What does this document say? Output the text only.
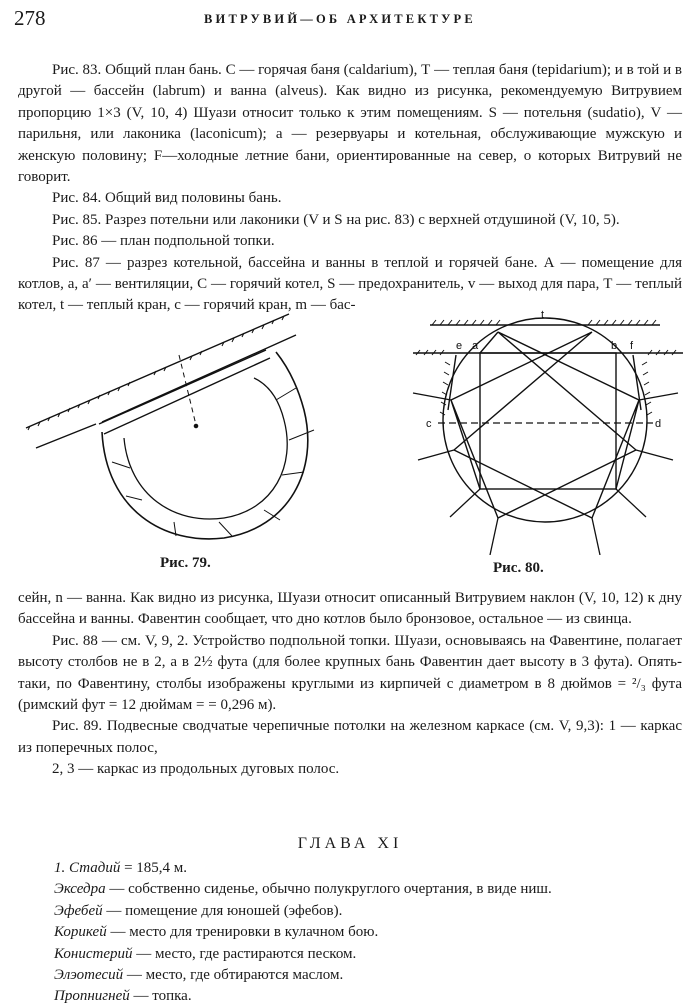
278	ВИТРУВИЙ—ОБ АРХИТЕКТУРЕ

Рис. 83. Общий план бань. С — горячая баня (caldarium), Т — теплая баня (tepidarium); и в той и в другой — бассейн (labrum) и ванна (alveus). Как видно из рисунка, рекомендуемую Витрувием пропорцию 1×3 (V, 10, 4) Шуази относит только к этим помещениям. S — потельня (sudatio), V — парильня, или лаконика (laconicum); а — резервуары и котельная, обслуживающие мужскую и женскую половину; F—холодные летние бани, ориентированные на север, о которых Витрувий не говорит.

Рис. 84. Общий вид половины бань.

Рис. 85. Разрез потельни или лаконики (V и S на рис. 83) с верхней отдушиной (V, 10, 5).

Рис. 86 — план подпольной топки.

Рис. 87 — разрез котельной, бассейна и ванны в теплой и горячей бане. А — помещение для котлов, а, а′ — вентиляции, С — горячий котел, S — предохранитель, v — выход для пара, Т — теплый котел, t — теплый кран, с — горячий кран, m — бас-

Рис. 79.
t
e a	b f
c	d
Рис. 80.

сейн, n — ванна. Как видно из рисунка, Шуази относит описанный Витрувием наклон (V, 10, 12) к дну бассейна и ванны. Фавентин сообщает, что дно котлов было бронзовое, остальное — из свинца.

Рис. 88 — см. V, 9, 2. Устройство подпольной топки. Шуази, основываясь на Фавентине, полагает высоту столбов не в 2, а в 2½ фута (для более крупных бань Фавентин дает высоту в 3 фута). Опять-таки, по Фавентину, столбы изображены круглыми из кирпичей с диаметром в 8 дюймов = ²/₃ фута (римский фут = 12 дюймам = = 0,296 м).

Рис. 89. Подвесные сводчатые черепичные потолки на железном каркасе (см. V, 9,3): 1 — каркас из поперечных полос,

2, 3 — каркас из продольных дуговых полос.

ГЛАВА XI
1. Стадий = 185,4 м.
Экседра — собственно сиденье, обычно полукруглого очертания, в виде ниш.
Эфебей — помещение для юношей (эфебов).
Корикей — место для тренировки в кулачном бою.
Конистерий — место, где растираются песком.
Элэотесий — место, где обтираются маслом.
Пропнигней — топка.
